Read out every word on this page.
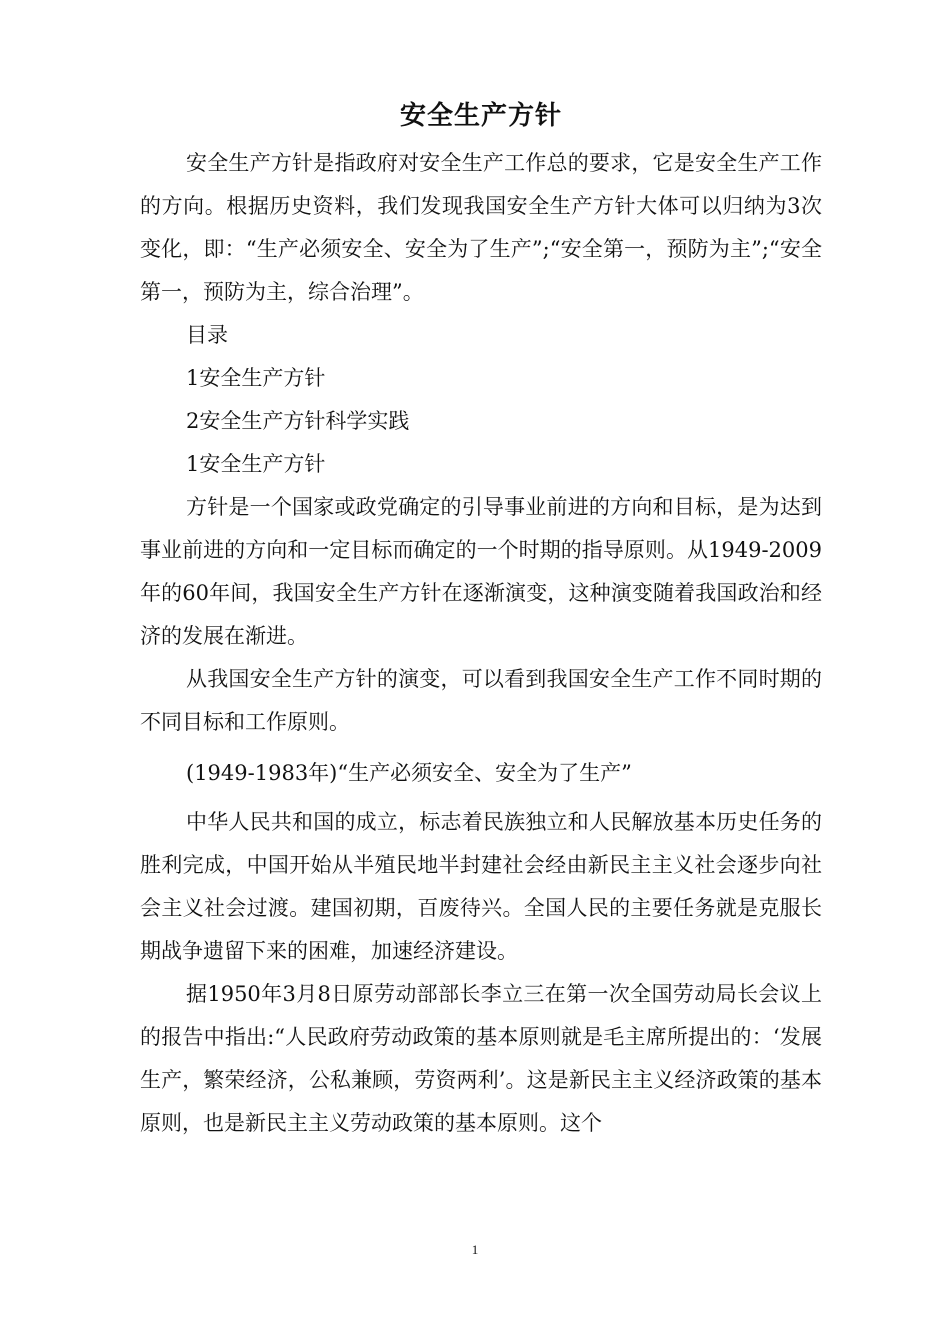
安全生产方针

安全生产方针是指政府对安全生产工作总的要求，它是安全生产工作的方向。根据历史资料，我们发现我国安全生产方针大体可以归纳为3次变化，即：“生产必须安全、安全为了生产”;“安全第一，预防为主”;“安全第一，预防为主，综合治理”。

目录

1安全生产方针

2安全生产方针科学实践

1安全生产方针

方针是一个国家或政党确定的引导事业前进的方向和目标，是为达到事业前进的方向和一定目标而确定的一个时期的指导原则。从1949-2009年的60年间，我国安全生产方针在逐渐演变，这种演变随着我国政治和经济的发展在渐进。

从我国安全生产方针的演变，可以看到我国安全生产工作不同时期的不同目标和工作原则。

(1949-1983年)“生产必须安全、安全为了生产”

中华人民共和国的成立，标志着民族独立和人民解放基本历史任务的胜利完成，中国开始从半殖民地半封建社会经由新民主主义社会逐步向社会主义社会过渡。建国初期，百废待兴。全国人民的主要任务就是克服长期战争遗留下来的困难，加速经济建设。

据1950年3月8日原劳动部部长李立三在第一次全国劳动局长会议上的报告中指出:“人民政府劳动政策的基本原则就是毛主席所提出的：‘发展生产，繁荣经济，公私兼顾，劳资两利’。这是新民主主义经济政策的基本原则，也是新民主主义劳动政策的基本原则。这个

1
